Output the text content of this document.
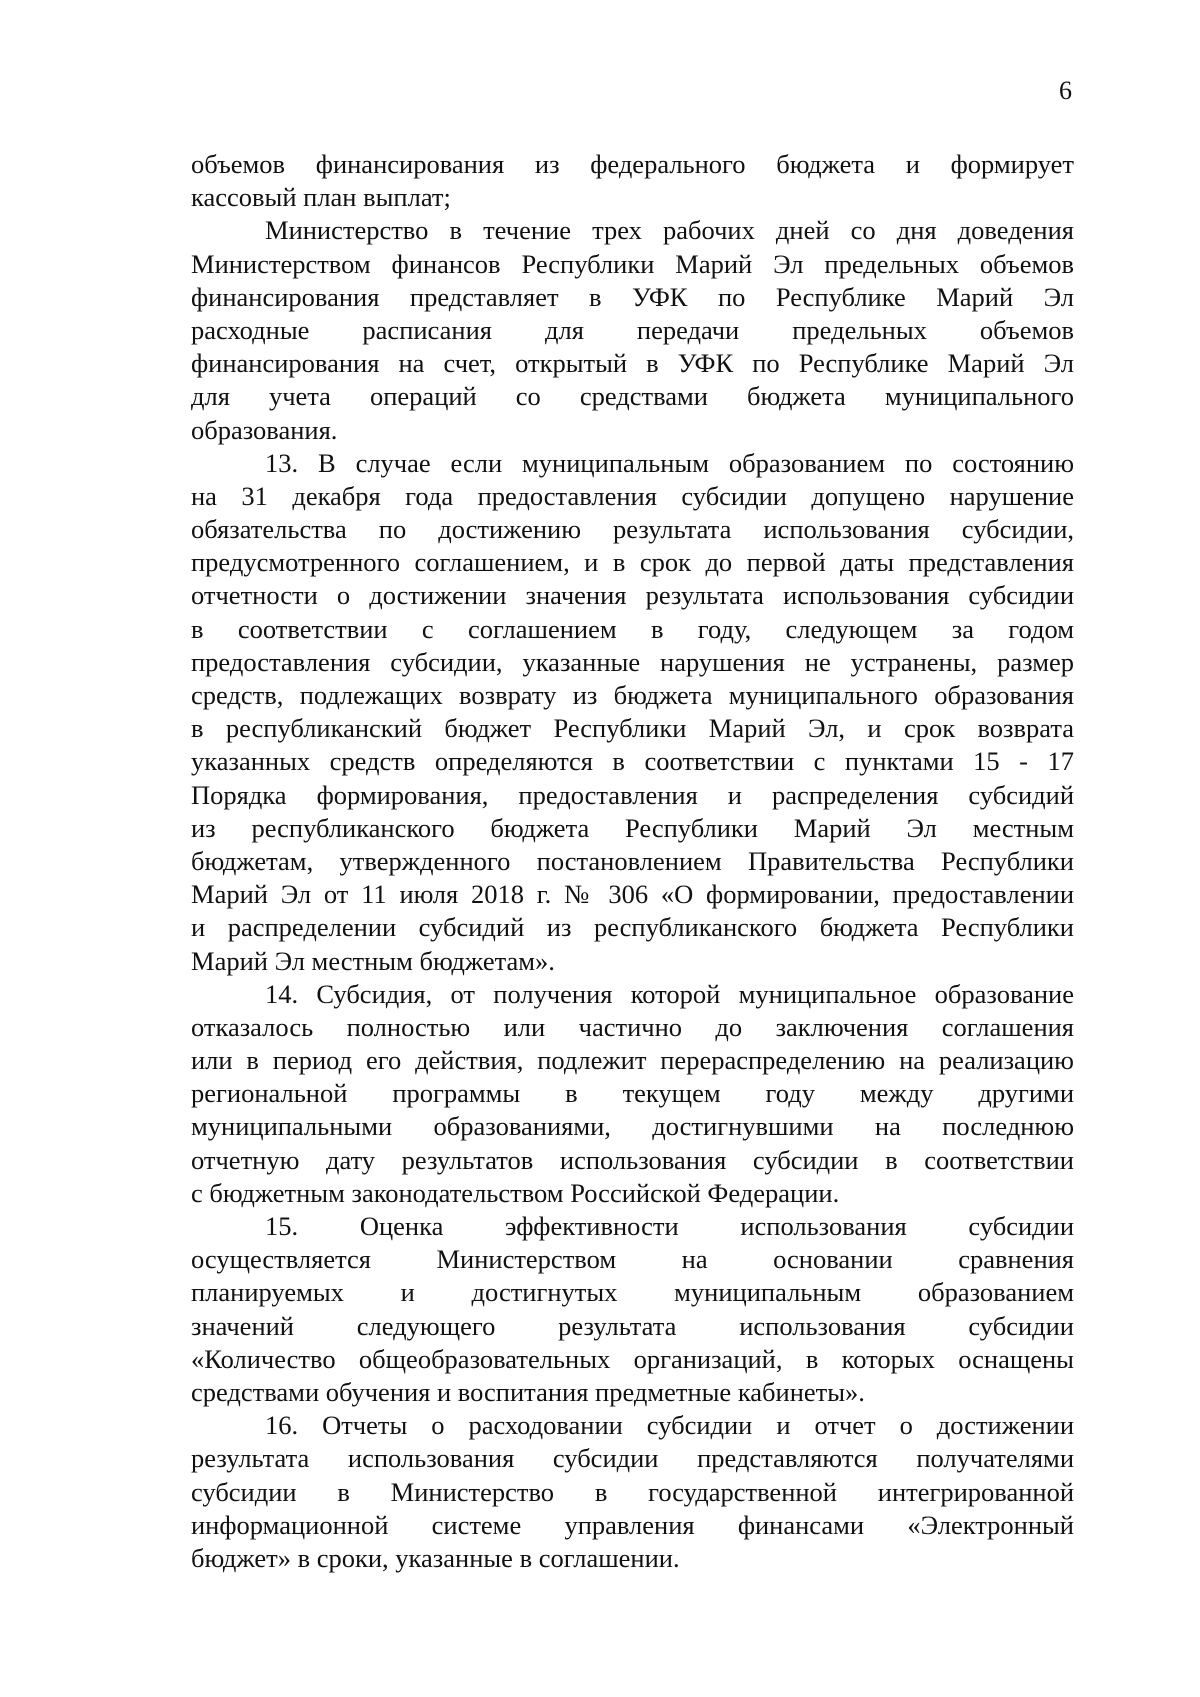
6
объемов финансирования из федерального бюджета и формирует
кассовый план выплат;
Министерство в течение трех рабочих дней со дня доведения
Министерством финансов Республики Марий Эл предельных объемов
финансирования представляет в УФК по Республике Марий Эл
расходные расписания для передачи предельных объемов
финансирования на счет, открытый в УФК по Республике Марий Эл
для учета операций со средствами бюджета муниципального
образования.
13. В случае если муниципальным образованием по состоянию
на 31 декабря года предоставления субсидии допущено нарушение
обязательства по достижению результата использования субсидии,
предусмотренного соглашением, и в срок до первой даты представления
отчетности о достижении значения результата использования субсидии
в соответствии с соглашением в году, следующем за годом
предоставления субсидии, указанные нарушения не устранены, размер
средств, подлежащих возврату из бюджета муниципального образования
в республиканский бюджет Республики Марий Эл, и срок возврата
указанных средств определяются в соответствии с пунктами 15 - 17
Порядка формирования, предоставления и распределения субсидий
из республиканского бюджета Республики Марий Эл местным
бюджетам, утвержденного постановлением Правительства Республики
Марий Эл от 11 июля 2018 г. № 306 «О формировании, предоставлении
и распределении субсидий из республиканского бюджета Республики
Марий Эл местным бюджетам».
14. Субсидия, от получения которой муниципальное образование
отказалось полностью или частично до заключения соглашения
или в период его действия, подлежит перераспределению на реализацию
региональной программы в текущем году между другими
муниципальными образованиями, достигнувшими на последнюю
отчетную дату результатов использования субсидии в соответствии
с бюджетным законодательством Российской Федерации.
15. Оценка эффективности использования субсидии
осуществляется Министерством на основании сравнения
планируемых и достигнутых муниципальным образованием
значений следующего результата использования субсидии
«Количество общеобразовательных организаций, в которых оснащены
средствами обучения и воспитания предметные кабинеты».
16. Отчеты о расходовании субсидии и отчет о достижении
результата использования субсидии представляются получателями
субсидии в Министерство в государственной интегрированной
информационной системе управления финансами «Электронный
бюджет» в сроки, указанные в соглашении.
